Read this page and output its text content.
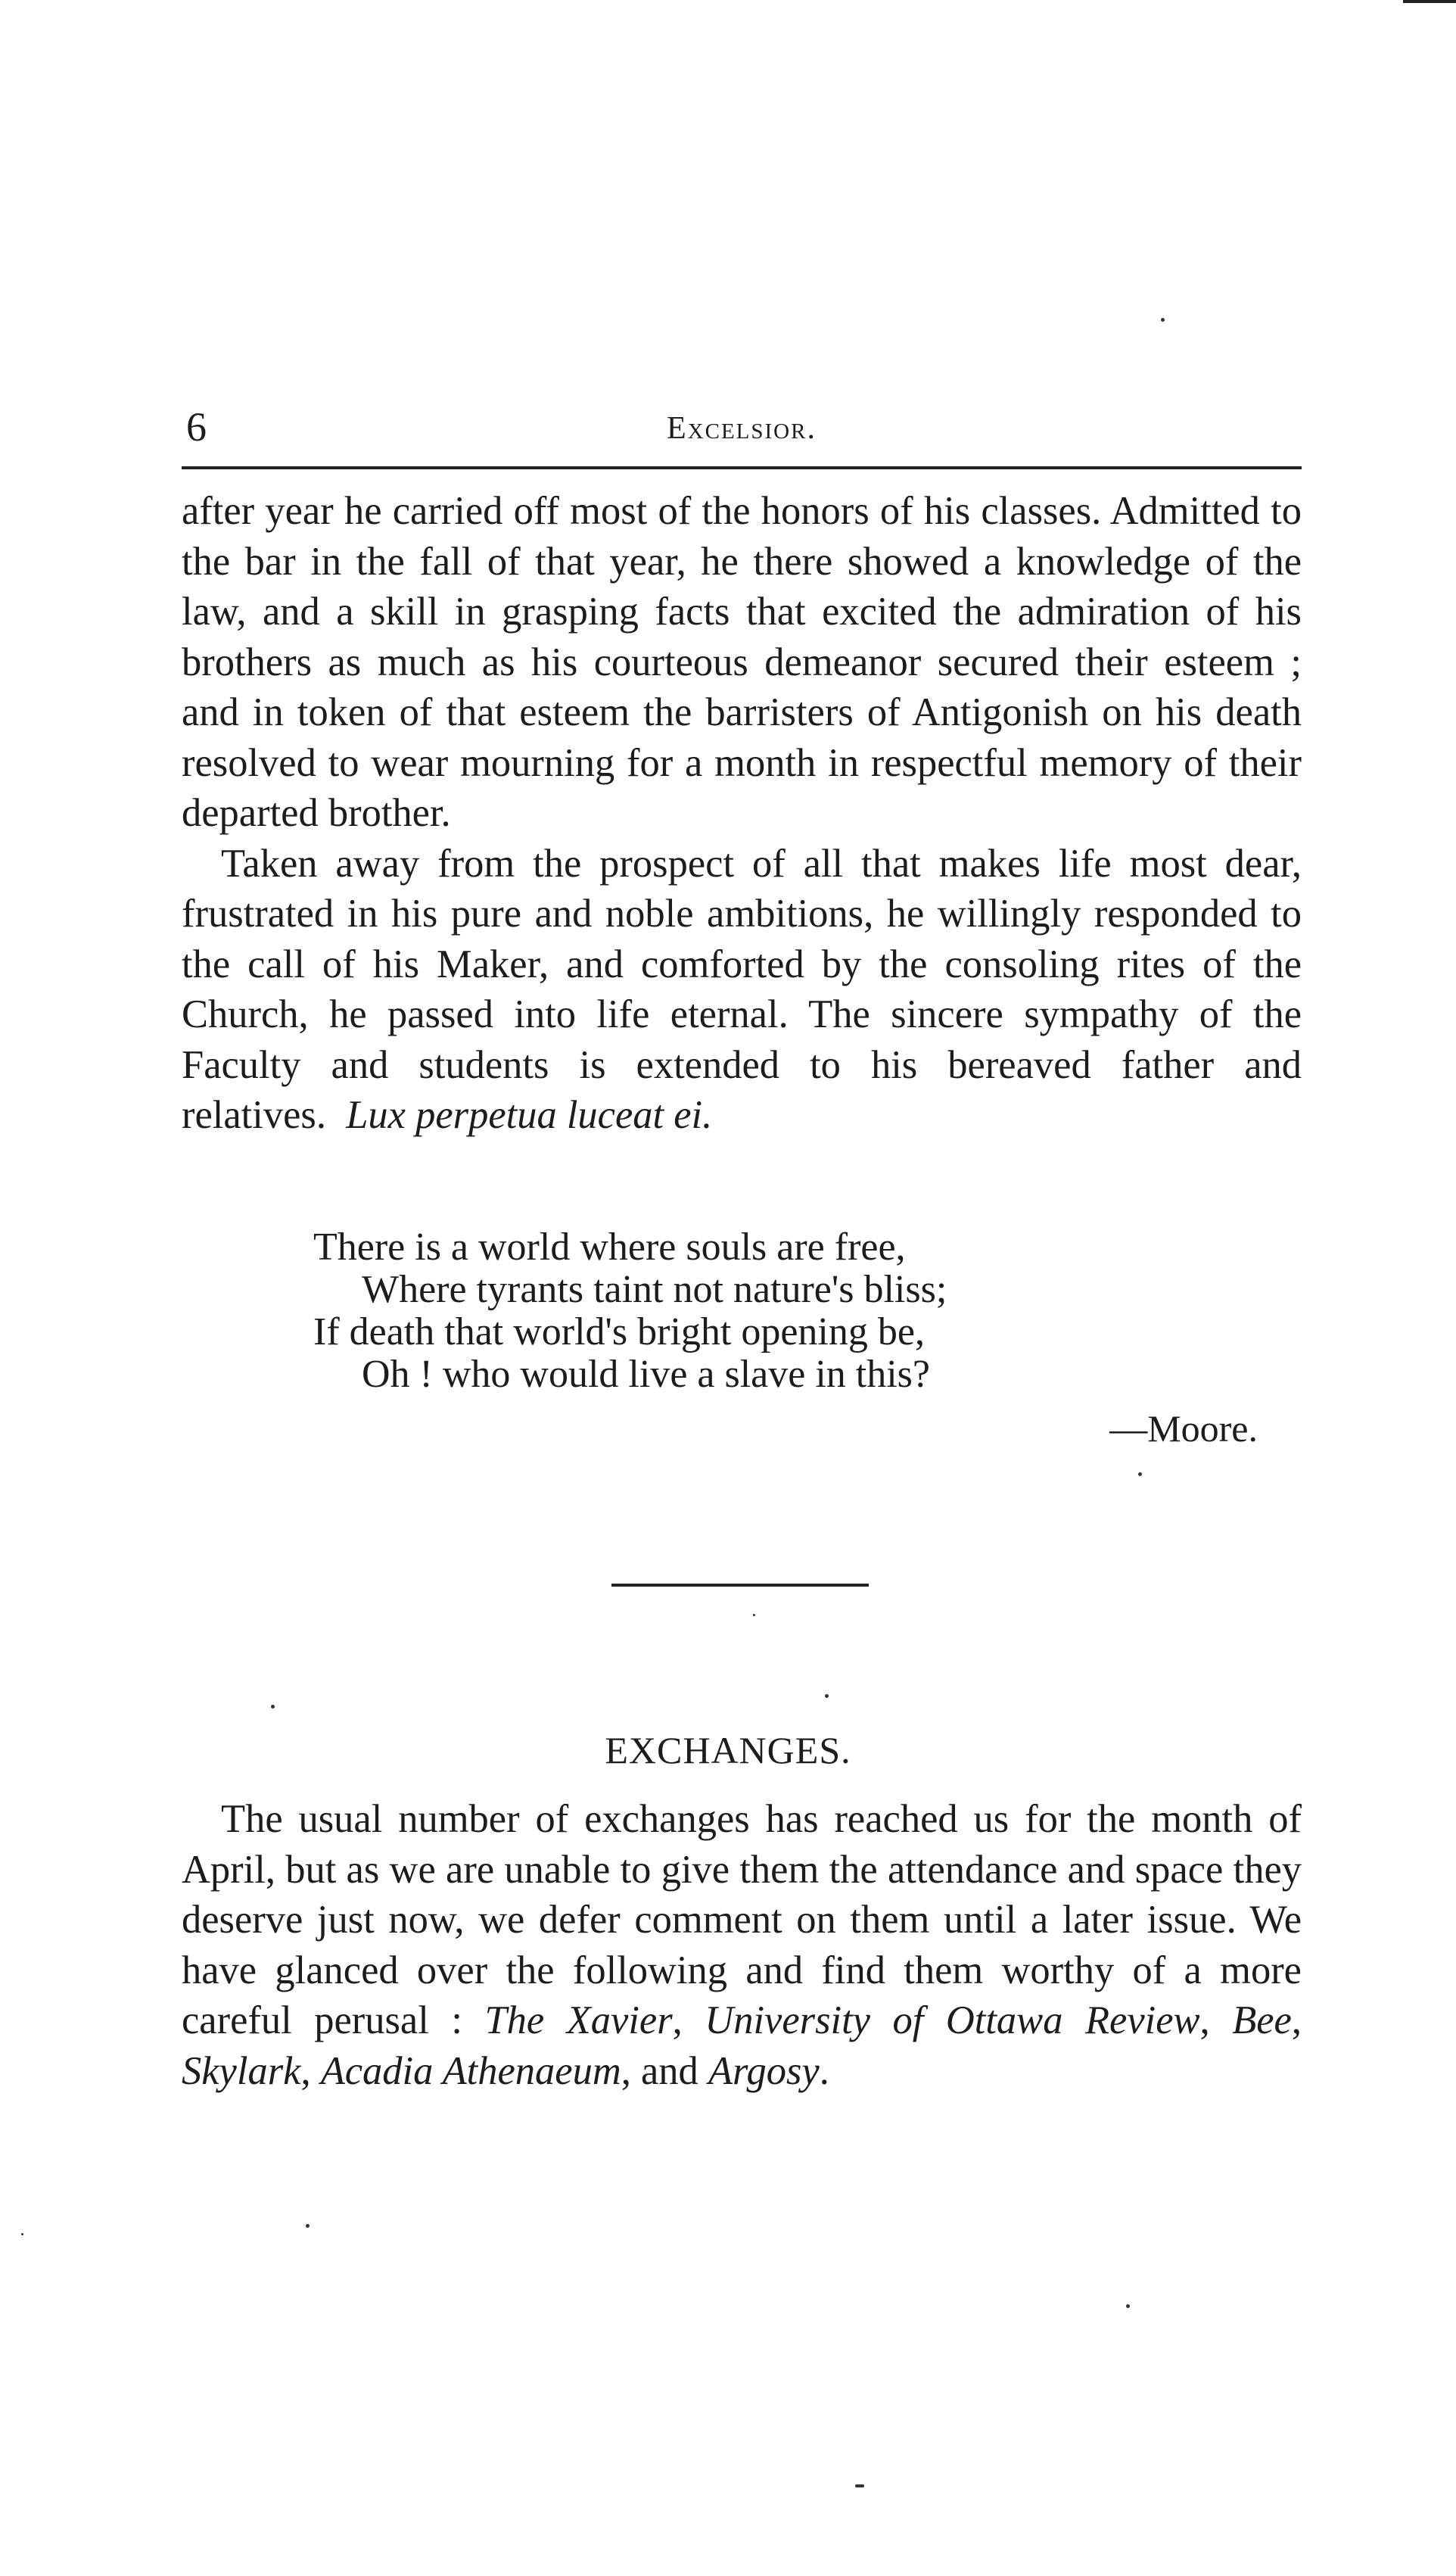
6	Excelsior.

after year he carried off most of the honors of his classes. Admitted to the bar in the fall of that year, he there showed a knowledge of the law, and a skill in grasping facts that excited the admiration of his brothers as much as his courteous demeanor secured their esteem ; and in token of that esteem the barristers of Antigonish on his death resolved to wear mourning for a month in respectful memory of their departed brother.

Taken away from the prospect of all that makes life most dear, frustrated in his pure and noble ambitions, he willingly responded to the call of his Maker, and comforted by the consoling rites of the Church, he passed into life eternal. The sincere sympathy of the Faculty and students is extended to his bereaved father and relatives. Lux perpetua luceat ei.

There is a world where souls are free,
Where tyrants taint not nature's bliss;
If death that world's bright opening be,
Oh ! who would live a slave in this?
—Moore.
EXCHANGES.

The usual number of exchanges has reached us for the month of April, but as we are unable to give them the attendance and space they deserve just now, we defer comment on them until a later issue. We have glanced over the following and find them worthy of a more careful perusal : The Xavier, University of Ottawa Review, Bee, Skylark, Acadia Athenaeum, and Argosy.
